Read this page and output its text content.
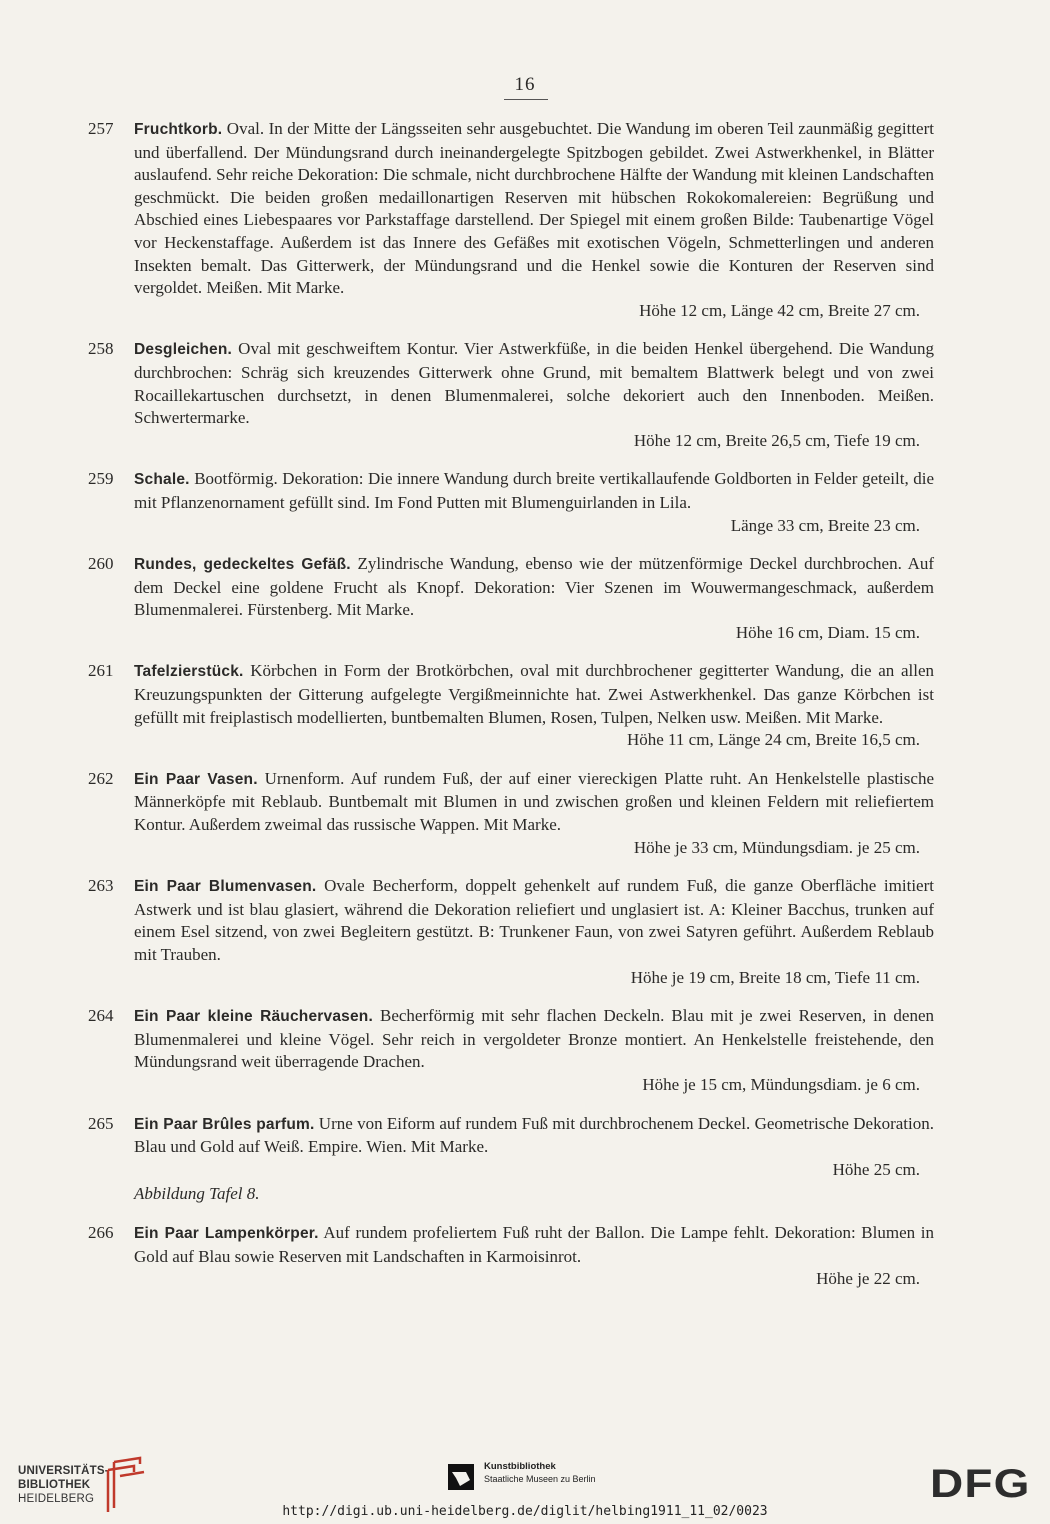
16
257	Fruchtkorb. Oval. In der Mitte der Längsseiten sehr ausgebuchtet. Die Wandung im oberen Teil zaunmäßig gegittert und überfallend. Der Mündungsrand durch ineinandergelegte Spitzbogen gebildet. Zwei Astwerkhenkel, in Blätter auslaufend. Sehr reiche Dekoration: Die schmale, nicht durchbrochene Hälfte der Wandung mit kleinen Landschaften geschmückt. Die beiden großen medaillonartigen Reserven mit hübschen Rokokomalereien: Begrüßung und Abschied eines Liebespaares vor Parkstaffage darstellend. Der Spiegel mit einem großen Bilde: Taubenartige Vögel vor Heckenstaffage. Außerdem ist das Innere des Gefäßes mit exotischen Vögeln, Schmetterlingen und anderen Insekten bemalt. Das Gitterwerk, der Mündungsrand und die Henkel sowie die Konturen der Reserven sind vergoldet. Meißen. Mit Marke.
Höhe 12 cm, Länge 42 cm, Breite 27 cm.
258	Desgleichen. Oval mit geschweiftem Kontur. Vier Astwerkfüße, in die beiden Henkel übergehend. Die Wandung durchbrochen: Schräg sich kreuzendes Gitterwerk ohne Grund, mit bemaltem Blattwerk belegt und von zwei Rocaillekartuschen durchsetzt, in denen Blumenmalerei, solche dekoriert auch den Innenboden. Meißen. Schwertermarke.
Höhe 12 cm, Breite 26,5 cm, Tiefe 19 cm.
259	Schale. Bootförmig. Dekoration: Die innere Wandung durch breite vertikallaufende Goldborten in Felder geteilt, die mit Pflanzenornament gefüllt sind. Im Fond Putten mit Blumenguirlanden in Lila.
Länge 33 cm, Breite 23 cm.
260	Rundes, gedeckeltes Gefäß. Zylindrische Wandung, ebenso wie der mützenförmige Deckel durchbrochen. Auf dem Deckel eine goldene Frucht als Knopf. Dekoration: Vier Szenen im Wouwermangeschmack, außerdem Blumenmalerei. Fürstenberg. Mit Marke.
Höhe 16 cm, Diam. 15 cm.
261	Tafelzierstück. Körbchen in Form der Brotkörbchen, oval mit durchbrochener gegitterter Wandung, die an allen Kreuzungspunkten der Gitterung aufgelegte Vergißmeinnichte hat. Zwei Astwerkhenkel. Das ganze Körbchen ist gefüllt mit freiplastisch modellierten, buntbemalten Blumen, Rosen, Tulpen, Nelken usw. Meißen. Mit Marke.
Höhe 11 cm, Länge 24 cm, Breite 16,5 cm.
262	Ein Paar Vasen. Urnenform. Auf rundem Fuß, der auf einer viereckigen Platte ruht. An Henkelstelle plastische Männerköpfe mit Reblaub. Buntbemalt mit Blumen in und zwischen großen und kleinen Feldern mit reliefiertem Kontur. Außerdem zweimal das russische Wappen. Mit Marke.
Höhe je 33 cm, Mündungsdiam. je 25 cm.
263	Ein Paar Blumenvasen. Ovale Becherform, doppelt gehenkelt auf rundem Fuß, die ganze Oberfläche imitiert Astwerk und ist blau glasiert, während die Dekoration reliefiert und unglasiert ist. A: Kleiner Bacchus, trunken auf einem Esel sitzend, von zwei Begleitern gestützt. B: Trunkener Faun, von zwei Satyren geführt. Außerdem Reblaub mit Trauben.
Höhe je 19 cm, Breite 18 cm, Tiefe 11 cm.
264	Ein Paar kleine Räuchervasen. Becherförmig mit sehr flachen Deckeln. Blau mit je zwei Reserven, in denen Blumenmalerei und kleine Vögel. Sehr reich in vergoldeter Bronze montiert. An Henkelstelle freistehende, den Mündungsrand weit überragende Drachen.
Höhe je 15 cm, Mündungsdiam. je 6 cm.
265	Ein Paar Brûles parfum. Urne von Eiform auf rundem Fuß mit durchbrochenem Deckel. Geometrische Dekoration. Blau und Gold auf Weiß. Empire. Wien. Mit Marke.
Höhe 25 cm.
Abbildung Tafel 8.
266	Ein Paar Lampenkörper. Auf rundem profeliertem Fuß ruht der Ballon. Die Lampe fehlt. Dekoration: Blumen in Gold auf Blau sowie Reserven mit Landschaften in Karmoisinrot.
Höhe je 22 cm.
UNIVERSITÄTS-
BIBLIOTHEK
HEIDELBERG
Kunstbibliothek
Staatliche Museen zu Berlin	DFG
http://digi.ub.uni-heidelberg.de/diglit/helbing1911_11_02/0023
